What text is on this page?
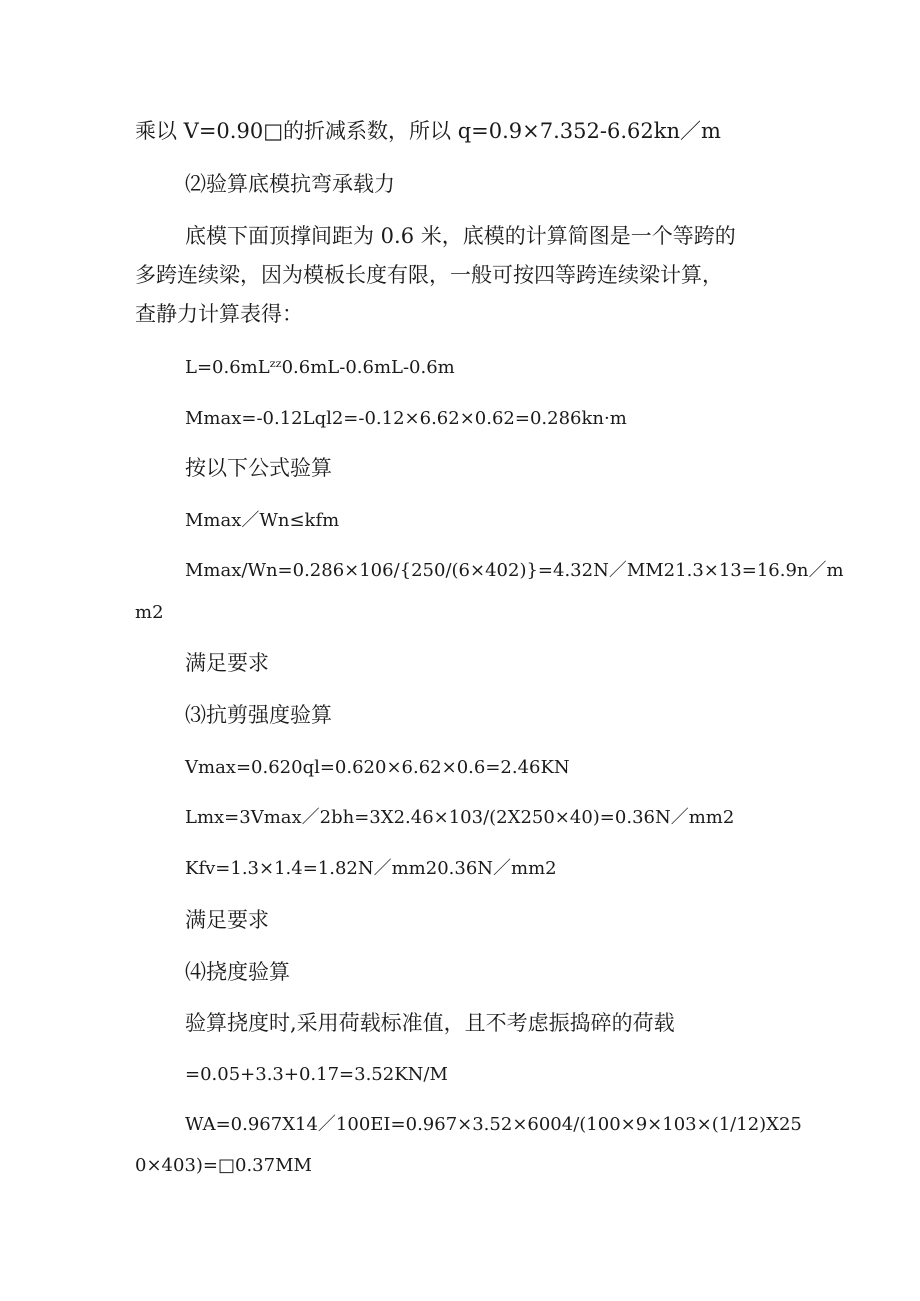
乘以 V=0.90□的折减系数，所以 q=0.9×7.352-6.62kn／m
⑵验算底模抗弯承载力
底模下面顶撑间距为 0.6 米，底模的计算简图是一个等跨的
多跨连续梁，因为模板长度有限，一般可按四等跨连续梁计算，
查静力计算表得：
L=0.6mLᶻᶻ0.6mL-0.6mL-0.6m
Mmax=-0.12Lql2=-0.12×6.62×0.62=0.286kn·m
按以下公式验算
Mmax／Wn≤kfm
Mmax/Wn=0.286×106/{250/(6×402)}=4.32N／MM21.3×13=16.9n／m
m2
满足要求
⑶抗剪强度验算
Vmax=0.620ql=0.620×6.62×0.6=2.46KN
Lmx=3Vmax／2bh=3X2.46×103/(2X250×40)=0.36N／mm2
Kfv=1.3×1.4=1.82N／mm20.36N／mm2
满足要求
⑷挠度验算
验算挠度时,采用荷载标准值，且不考虑振捣碎的荷载
=0.05+3.3+0.17=3.52KN/M
WA=0.967X14／100EI=0.967×3.52×6004/(100×9×103×(1/12)X25
0×403)=□0.37MM
